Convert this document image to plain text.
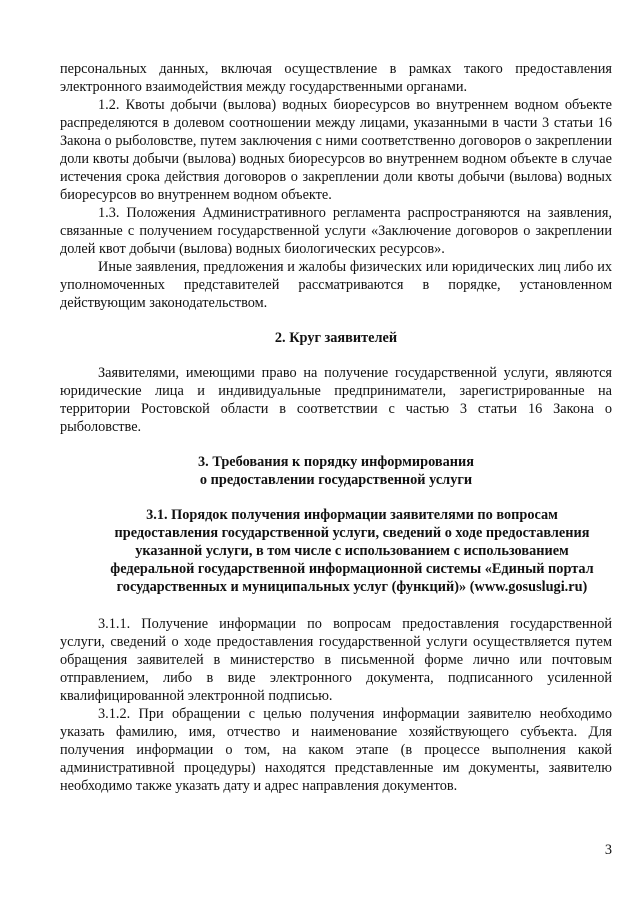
персональных данных, включая осуществление в рамках такого предоставления электронного взаимодействия между государственными органами.

1.2. Квоты добычи (вылова) водных биоресурсов во внутреннем водном объекте распределяются в долевом соотношении между лицами, указанными в части 3 статьи 16 Закона о рыболовстве, путем заключения с ними соответственно договоров о закреплении доли квоты добычи (вылова) водных биоресурсов во внутреннем водном объекте в случае истечения срока действия договоров о закреплении доли квоты добычи (вылова) водных биоресурсов во внутреннем водном объекте.

1.3. Положения Административного регламента распространяются на заявления, связанные с получением государственной услуги «Заключение договоров о закреплении долей квот добычи (вылова) водных биологических ресурсов».

Иные заявления, предложения и жалобы физических или юридических лиц либо их уполномоченных представителей рассматриваются в порядке, установленном действующим законодательством.

2. Круг заявителей

Заявителями, имеющими право на получение государственной услуги, являются юридические лица и индивидуальные предприниматели, зарегистрированные на территории Ростовской области в соответствии с частью 3 статьи 16 Закона о рыболовстве.

3. Требования к порядку информирования

о предоставлении государственной услуги

3.1. Порядок получения информации заявителями по вопросам предоставления государственной услуги, сведений о ходе предоставления указанной услуги, в том числе с использованием с использованием федеральной государственной информационной системы «Единый портал государственных и муниципальных услуг (функций)» (www.gosuslugi.ru)

3.1.1. Получение информации по вопросам предоставления государственной услуги, сведений о ходе предоставления государственной услуги осуществляется путем обращения заявителей в министерство в письменной форме лично или почтовым отправлением, либо в виде электронного документа, подписанного усиленной квалифицированной электронной подписью.

3.1.2. При обращении с целью получения информации заявителю необходимо указать фамилию, имя, отчество и наименование хозяйствующего субъекта. Для получения информации о том, на каком этапе (в процессе выполнения какой административной процедуры) находятся представленные им документы, заявителю необходимо также указать дату и адрес направления документов.

3
